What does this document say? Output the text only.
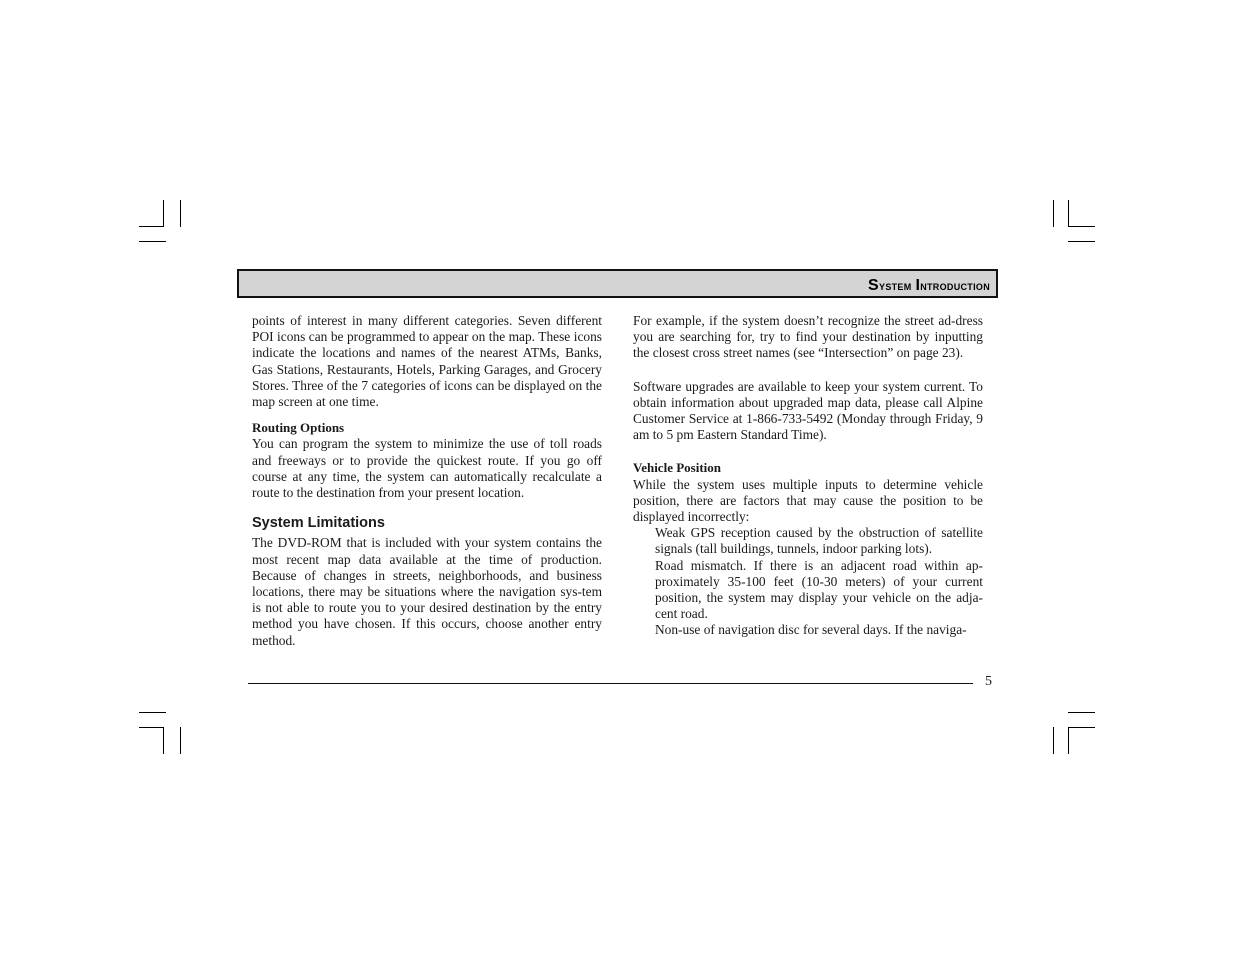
System Introduction

points of interest in many different categories. Seven different POI icons can be programmed to appear on the map. These icons indicate the locations and names of the nearest ATMs, Banks, Gas Stations, Restaurants, Hotels, Parking Garages, and Grocery Stores. Three of the 7 categories of icons can be displayed on the map screen at one time.

Routing Options

You can program the system to minimize the use of toll roads and freeways or to provide the quickest route. If you go off course at any time, the system can automatically recalculate a route to the destination from your present location.

System Limitations

The DVD-ROM that is included with your system contains the most recent map data available at the time of production. Because of changes in streets, neighborhoods, and business locations, there may be situations where the navigation sys-tem is not able to route you to your desired destination by the entry method you have chosen. If this occurs, choose another entry method.

For example, if the system doesn’t recognize the street ad-dress you are searching for, try to find your destination by inputting the closest cross street names (see “Intersection” on page 23).

Software upgrades are available to keep your system current. To obtain information about upgraded map data, please call Alpine Customer Service at 1-866-733-5492 (Monday through Friday, 9 am to 5 pm Eastern Standard Time).

Vehicle Position

While the system uses multiple inputs to determine vehicle position, there are factors that may cause the position to be displayed incorrectly:

Weak GPS reception caused by the obstruction of satellite signals (tall buildings, tunnels, indoor parking lots).

Road mismatch. If there is an adjacent road within ap-proximately 35-100 feet (10-30 meters) of your current position, the system may display your vehicle on the adja-cent road.

Non-use of navigation disc for several days. If the naviga-

5
